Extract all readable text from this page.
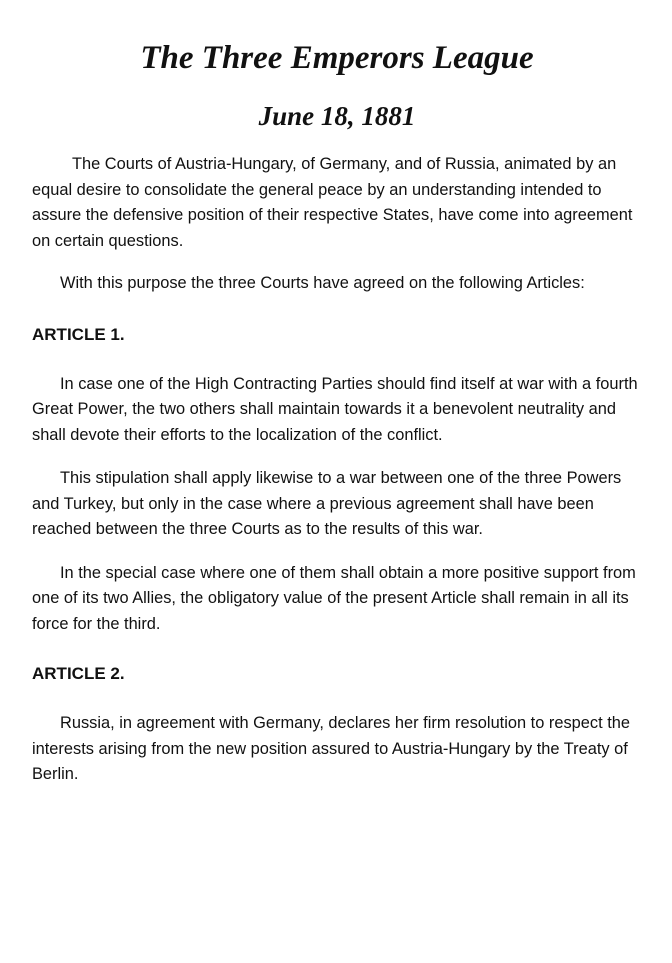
The Three Emperors League
June 18, 1881

The Courts of Austria-Hungary, of Germany, and of Russia, animated by an equal desire to consolidate the general peace by an understanding intended to assure the defensive position of their respective States, have come into agreement on certain questions.

With this purpose the three Courts have agreed on the following Articles:

ARTICLE 1.

In case one of the High Contracting Parties should find itself at war with a fourth Great Power, the two others shall maintain towards it a benevolent neutrality and shall devote their efforts to the localization of the conflict.

This stipulation shall apply likewise to a war between one of the three Powers and Turkey, but only in the case where a previous agreement shall have been reached between the three Courts as to the results of this war.

In the special case where one of them shall obtain a more positive support from one of its two Allies, the obligatory value of the present Article shall remain in all its force for the third.

ARTICLE 2.

Russia, in agreement with Germany, declares her firm resolution to respect the interests arising from the new position assured to Austria-Hungary by the Treaty of Berlin.
